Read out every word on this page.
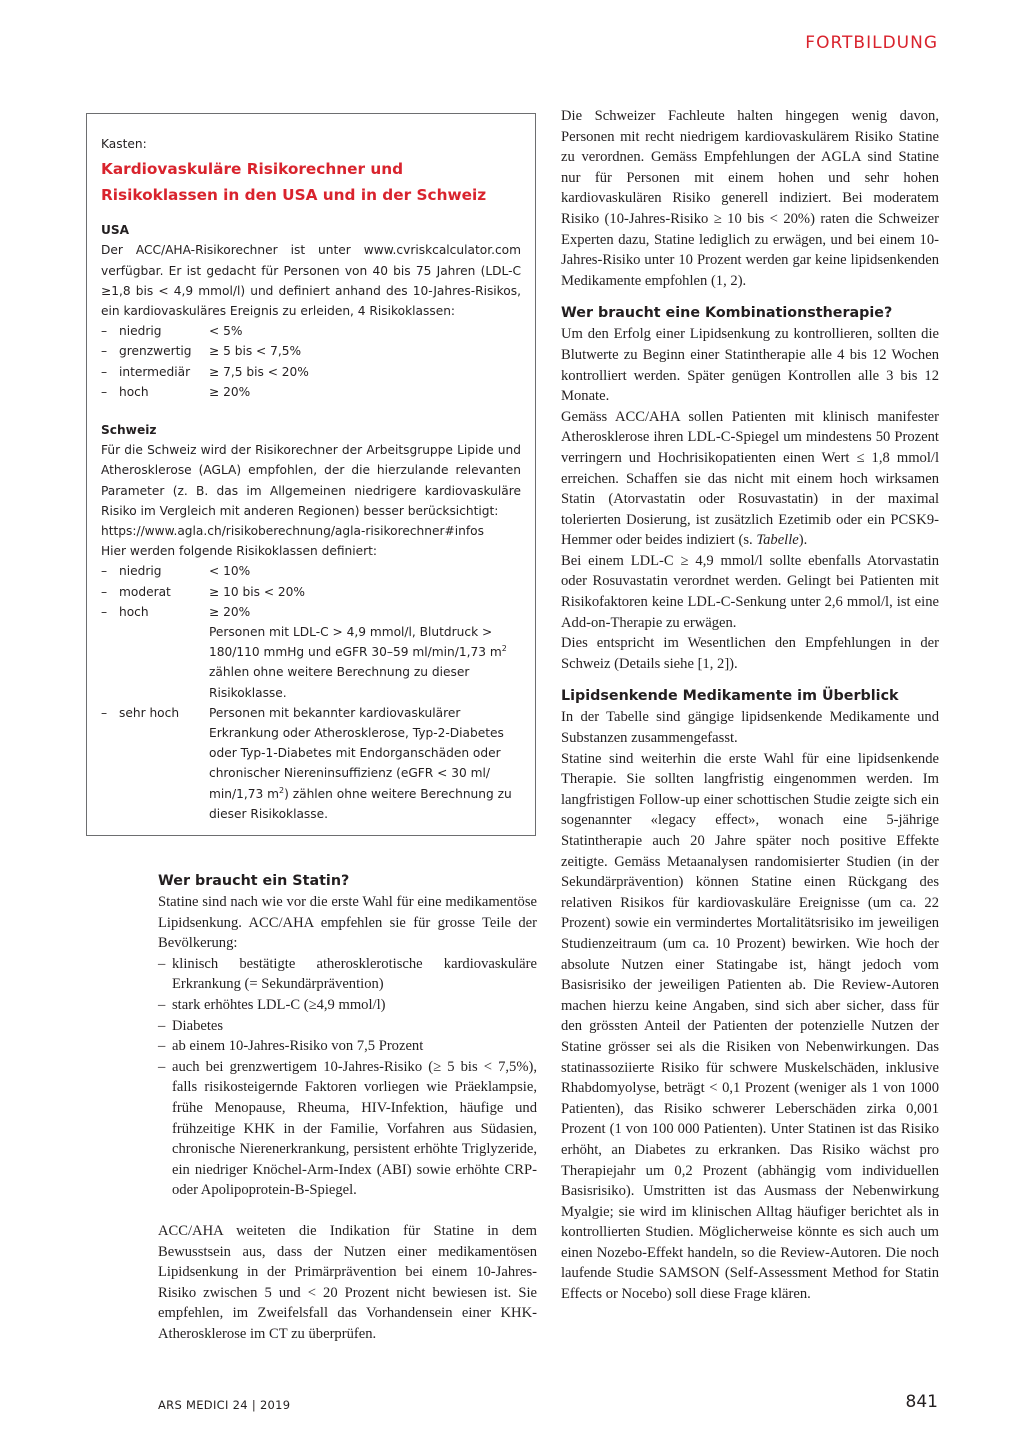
FORTBILDUNG
Kasten:
Kardiovaskuläre Risikorechner und Risikoklassen in den USA und in der Schweiz
USA

Der ACC/AHA-Risikorechner ist unter www.cvriskcalculator.com verfügbar. Er ist gedacht für Personen von 40 bis 75 Jahren (LDL-C ≥1,8 bis < 4,9 mmol/l) und definiert anhand des 10-Jahres-Risikos, ein kardiovaskuläres Ereignis zu erleiden, 4 Risikoklassen:

– niedrig	< 5%
– grenzwertig	≥ 5 bis < 7,5%
– intermediär	≥ 7,5 bis < 20%
– hoch	≥ 20%
Schweiz

Für die Schweiz wird der Risikorechner der Arbeitsgruppe Lipide und Atherosklerose (AGLA) empfohlen, der die hierzulande relevanten Parameter (z. B. das im Allgemeinen niedrigere kardiovaskuläre Risiko im Vergleich mit anderen Regionen) besser berücksichtigt:

https://www.agla.ch/risikoberechnung/agla-risikorechner#infos

Hier werden folgende Risikoklassen definiert:

– niedrig	< 10%
– moderat	≥ 10 bis < 20%
– hoch	≥ 20%
Personen mit LDL-C > 4,9 mmol/l, Blutdruck > 180/110 mmHg und eGFR 30–59 ml/min/1,73 $m^2$ zählen ohne weitere Berechnung zu dieser Risikoklasse.
– sehr hoch	Personen mit bekannter kardiovaskulärer Erkrankung oder Atherosklerose, Typ-2-Diabetes oder Typ-1-Diabetes mit Endorganschäden oder chronischer Niereninsuffizienz (eGFR < 30 ml/ min/1,73 $m^2$) zählen ohne weitere Berechnung zu dieser Risikoklasse.
Wer braucht ein Statin?

Statine sind nach wie vor die erste Wahl für eine medikamentöse Lipidsenkung. ACC/AHA empfehlen sie für grosse Teile der Bevölkerung:

– klinisch bestätigte atherosklerotische kardiovaskuläre Erkrankung (= Sekundärprävention)
– stark erhöhtes LDL-C (≥4,9 mmol/l)
– Diabetes
– ab einem 10-Jahres-Risiko von 7,5 Prozent
– auch bei grenzwertigem 10-Jahres-Risiko (≥ 5 bis < 7,5%), falls risikosteigernde Faktoren vorliegen wie Präeklampsie, frühe Menopause, Rheuma, HIV-Infektion, häufige und frühzeitige KHK in der Familie, Vorfahren aus Südasien, chronische Nierenerkrankung, persistent erhöhte Triglyzeride, ein niedriger Knöchel-Arm-Index (ABI) sowie erhöhte CRP- oder Apolipoprotein-B-Spiegel.

ACC/AHA weiteten die Indikation für Statine in dem Bewusstsein aus, dass der Nutzen einer medikamentösen Lipidsenkung in der Primärprävention bei einem 10-Jahres-Risiko zwischen 5 und < 20 Prozent nicht bewiesen ist. Sie empfehlen, im Zweifelsfall das Vorhandensein einer KHK-Atherosklerose im CT zu überprüfen.

Die Schweizer Fachleute halten hingegen wenig davon, Personen mit recht niedrigem kardiovaskulärem Risiko Statine zu verordnen. Gemäss Empfehlungen der AGLA sind Statine nur für Personen mit einem hohen und sehr hohen kardiovaskulären Risiko generell indiziert. Bei moderatem Risiko (10-Jahres-Risiko ≥ 10 bis < 20%) raten die Schweizer Experten dazu, Statine lediglich zu erwägen, und bei einem 10-Jahres-Risiko unter 10 Prozent werden gar keine lipidsenkenden Medikamente empfohlen (1, 2).

Wer braucht eine Kombinationstherapie?

Um den Erfolg einer Lipidsenkung zu kontrollieren, sollten die Blutwerte zu Beginn einer Statintherapie alle 4 bis 12 Wochen kontrolliert werden. Später genügen Kontrollen alle 3 bis 12 Monate.

Gemäss ACC/AHA sollen Patienten mit klinisch manifester Atherosklerose ihren LDL-C-Spiegel um mindestens 50 Prozent verringern und Hochrisikopatienten einen Wert ≤ 1,8 mmol/l erreichen. Schaffen sie das nicht mit einem hoch wirksamen Statin (Atorvastatin oder Rosuvastatin) in der maximal tolerierten Dosierung, ist zusätzlich Ezetimib oder ein PCSK9-Hemmer oder beides indiziert (s. Tabelle).

Bei einem LDL-C ≥ 4,9 mmol/l sollte ebenfalls Atorvastatin oder Rosuvastatin verordnet werden. Gelingt bei Patienten mit Risikofaktoren keine LDL-C-Senkung unter 2,6 mmol/l, ist eine Add-on-Therapie zu erwägen.

Dies entspricht im Wesentlichen den Empfehlungen in der Schweiz (Details siehe [1, 2]).

Lipidsenkende Medikamente im Überblick

In der Tabelle sind gängige lipidsenkende Medikamente und Substanzen zusammengefasst.

Statine sind weiterhin die erste Wahl für eine lipidsenkende Therapie. Sie sollten langfristig eingenommen werden. Im langfristigen Follow-up einer schottischen Studie zeigte sich ein sogenannter «legacy effect», wonach eine 5-jährige Statintherapie auch 20 Jahre später noch positive Effekte zeitigte. Gemäss Metaanalysen randomisierter Studien (in der Sekundärprävention) können Statine einen Rückgang des relativen Risikos für kardiovaskuläre Ereignisse (um ca. 22 Prozent) sowie ein vermindertes Mortalitätsrisiko im jeweiligen Studienzeitraum (um ca. 10 Prozent) bewirken. Wie hoch der absolute Nutzen einer Statingabe ist, hängt jedoch vom Basisrisiko der jeweiligen Patienten ab. Die Review-Autoren machen hierzu keine Angaben, sind sich aber sicher, dass für den grössten Anteil der Patienten der potenzielle Nutzen der Statine grösser sei als die Risiken von Nebenwirkungen. Das statinassoziierte Risiko für schwere Muskelschäden, inklusive Rhabdomyolyse, beträgt < 0,1 Prozent (weniger als 1 von 1000 Patienten), das Risiko schwerer Leberschäden zirka 0,001 Prozent (1 von 100 000 Patienten). Unter Statinen ist das Risiko erhöht, an Diabetes zu erkranken. Das Risiko wächst pro Therapiejahr um 0,2 Prozent (abhängig vom individuellen Basisrisiko). Umstritten ist das Ausmass der Nebenwirkung Myalgie; sie wird im klinischen Alltag häufiger berichtet als in kontrollierten Studien. Möglicherweise könnte es sich auch um einen Nozebo-Effekt handeln, so die Review-Autoren. Die noch laufende Studie SAMSON (Self-Assessment Method for Statin Effects or Nocebo) soll diese Frage klären.

ARS MEDICI 24 | 2019	841
